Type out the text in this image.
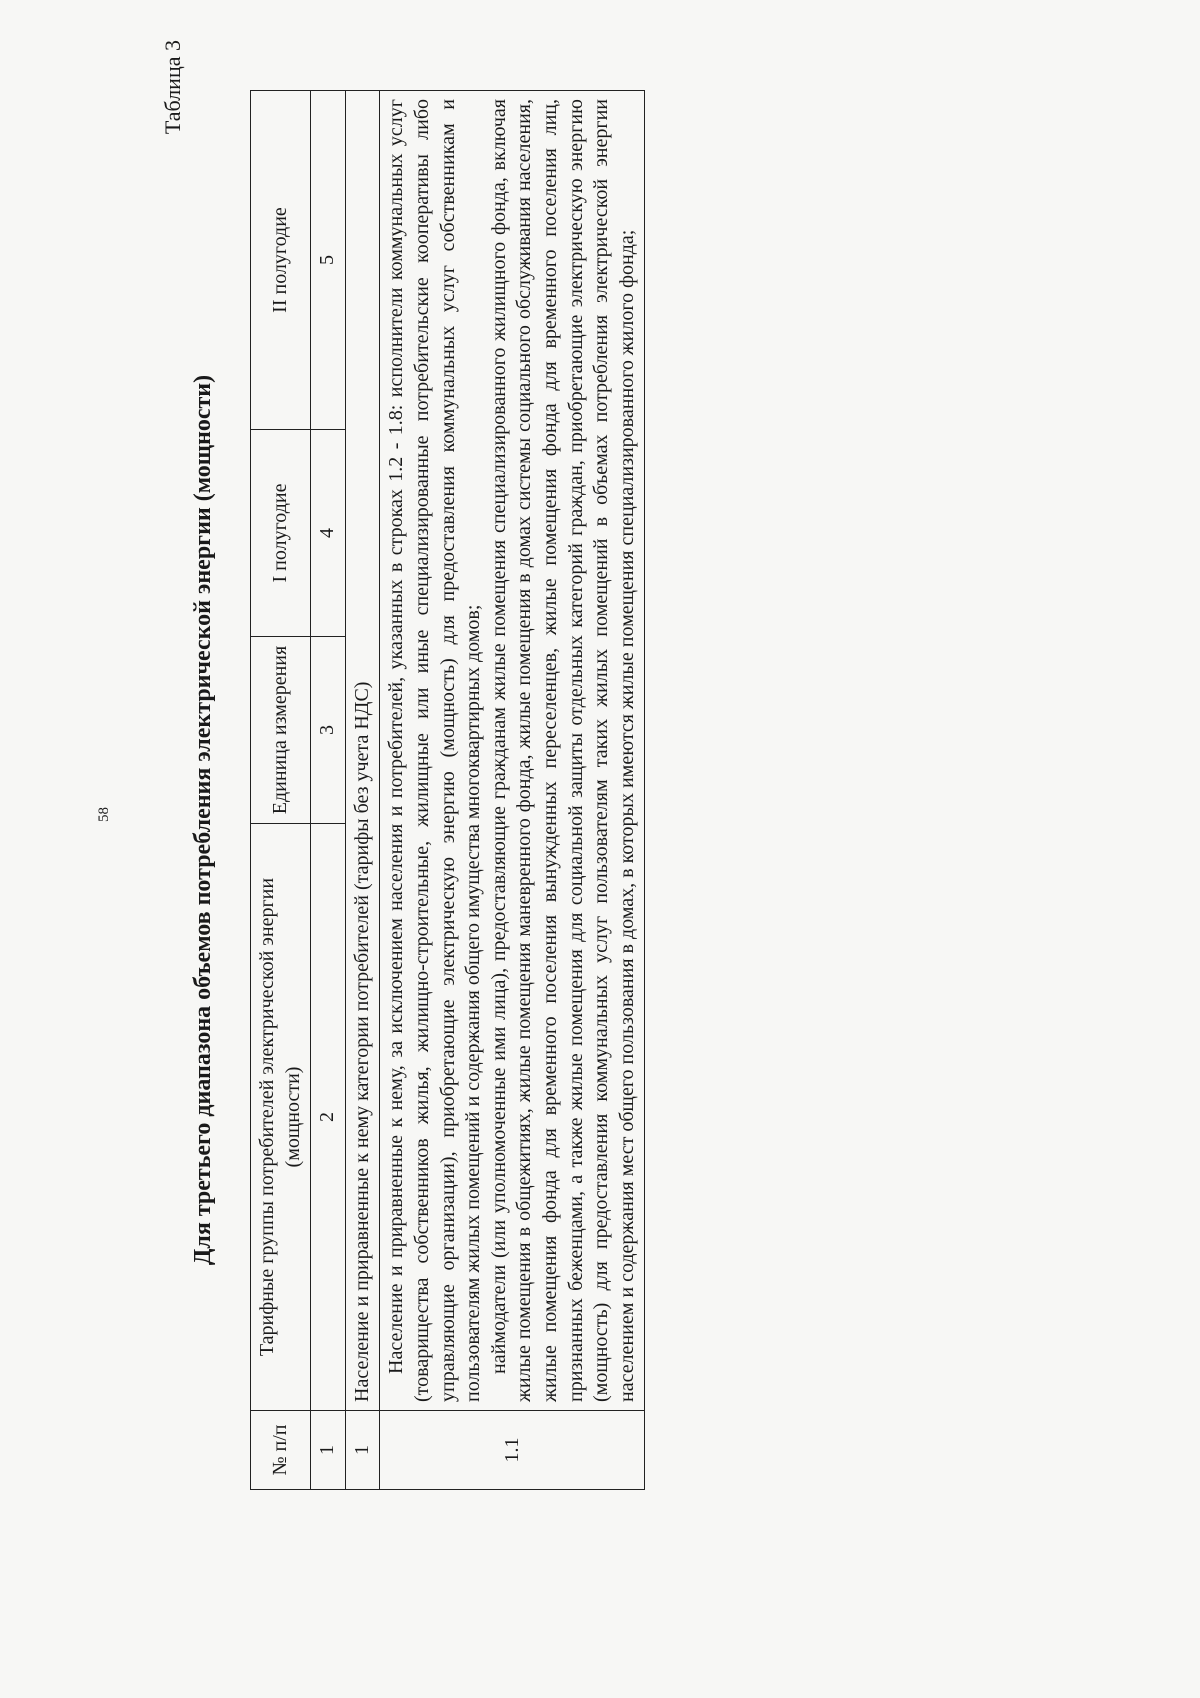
58
Таблица 3
Для третьего диапазона объемов потребления электрической энергии (мощности)
№ п/п	Тарифные группы потребителей электрической энергии (мощности)	Единица измерения	I полугодие	II полугодие
1	2	3	4	5
1	Население и приравненные к нему категории потребителей (тарифы без учета НДС)			
1.1	Население и приравненные к нему, за исключением населения и потребителей, указанных в строках 1.2 - 1.8: исполнители коммунальных услуг (товарищества собственников жилья, жилищно-строительные, жилищные или иные специализированные потребительские кооперативы либо управляющие организации), приобретающие электрическую энергию (мощность) для предоставления коммунальных услуг собственникам и пользователям жилых помещений и содержания общего имущества многоквартирных домов; наймодатели (или уполномоченные ими лица), предоставляющие гражданам жилые помещения специализированного жилищного фонда, включая жилые помещения в общежитиях, жилые помещения маневренного фонда, жилые помещения в домах системы социального обслуживания населения, жилые помещения фонда для временного поселения вынужденных переселенцев, жилые помещения фонда для временного поселения лиц, признанных беженцами, а также жилые помещения для социальной защиты отдельных категорий граждан, приобретающие электрическую энергию (мощность) для предоставления коммунальных услуг пользователям таких жилых помещений в объемах потребления электрической энергии населением и содержания мест общего пользования в домах, в которых имеются жилые помещения специализированного жилого фонда;			
